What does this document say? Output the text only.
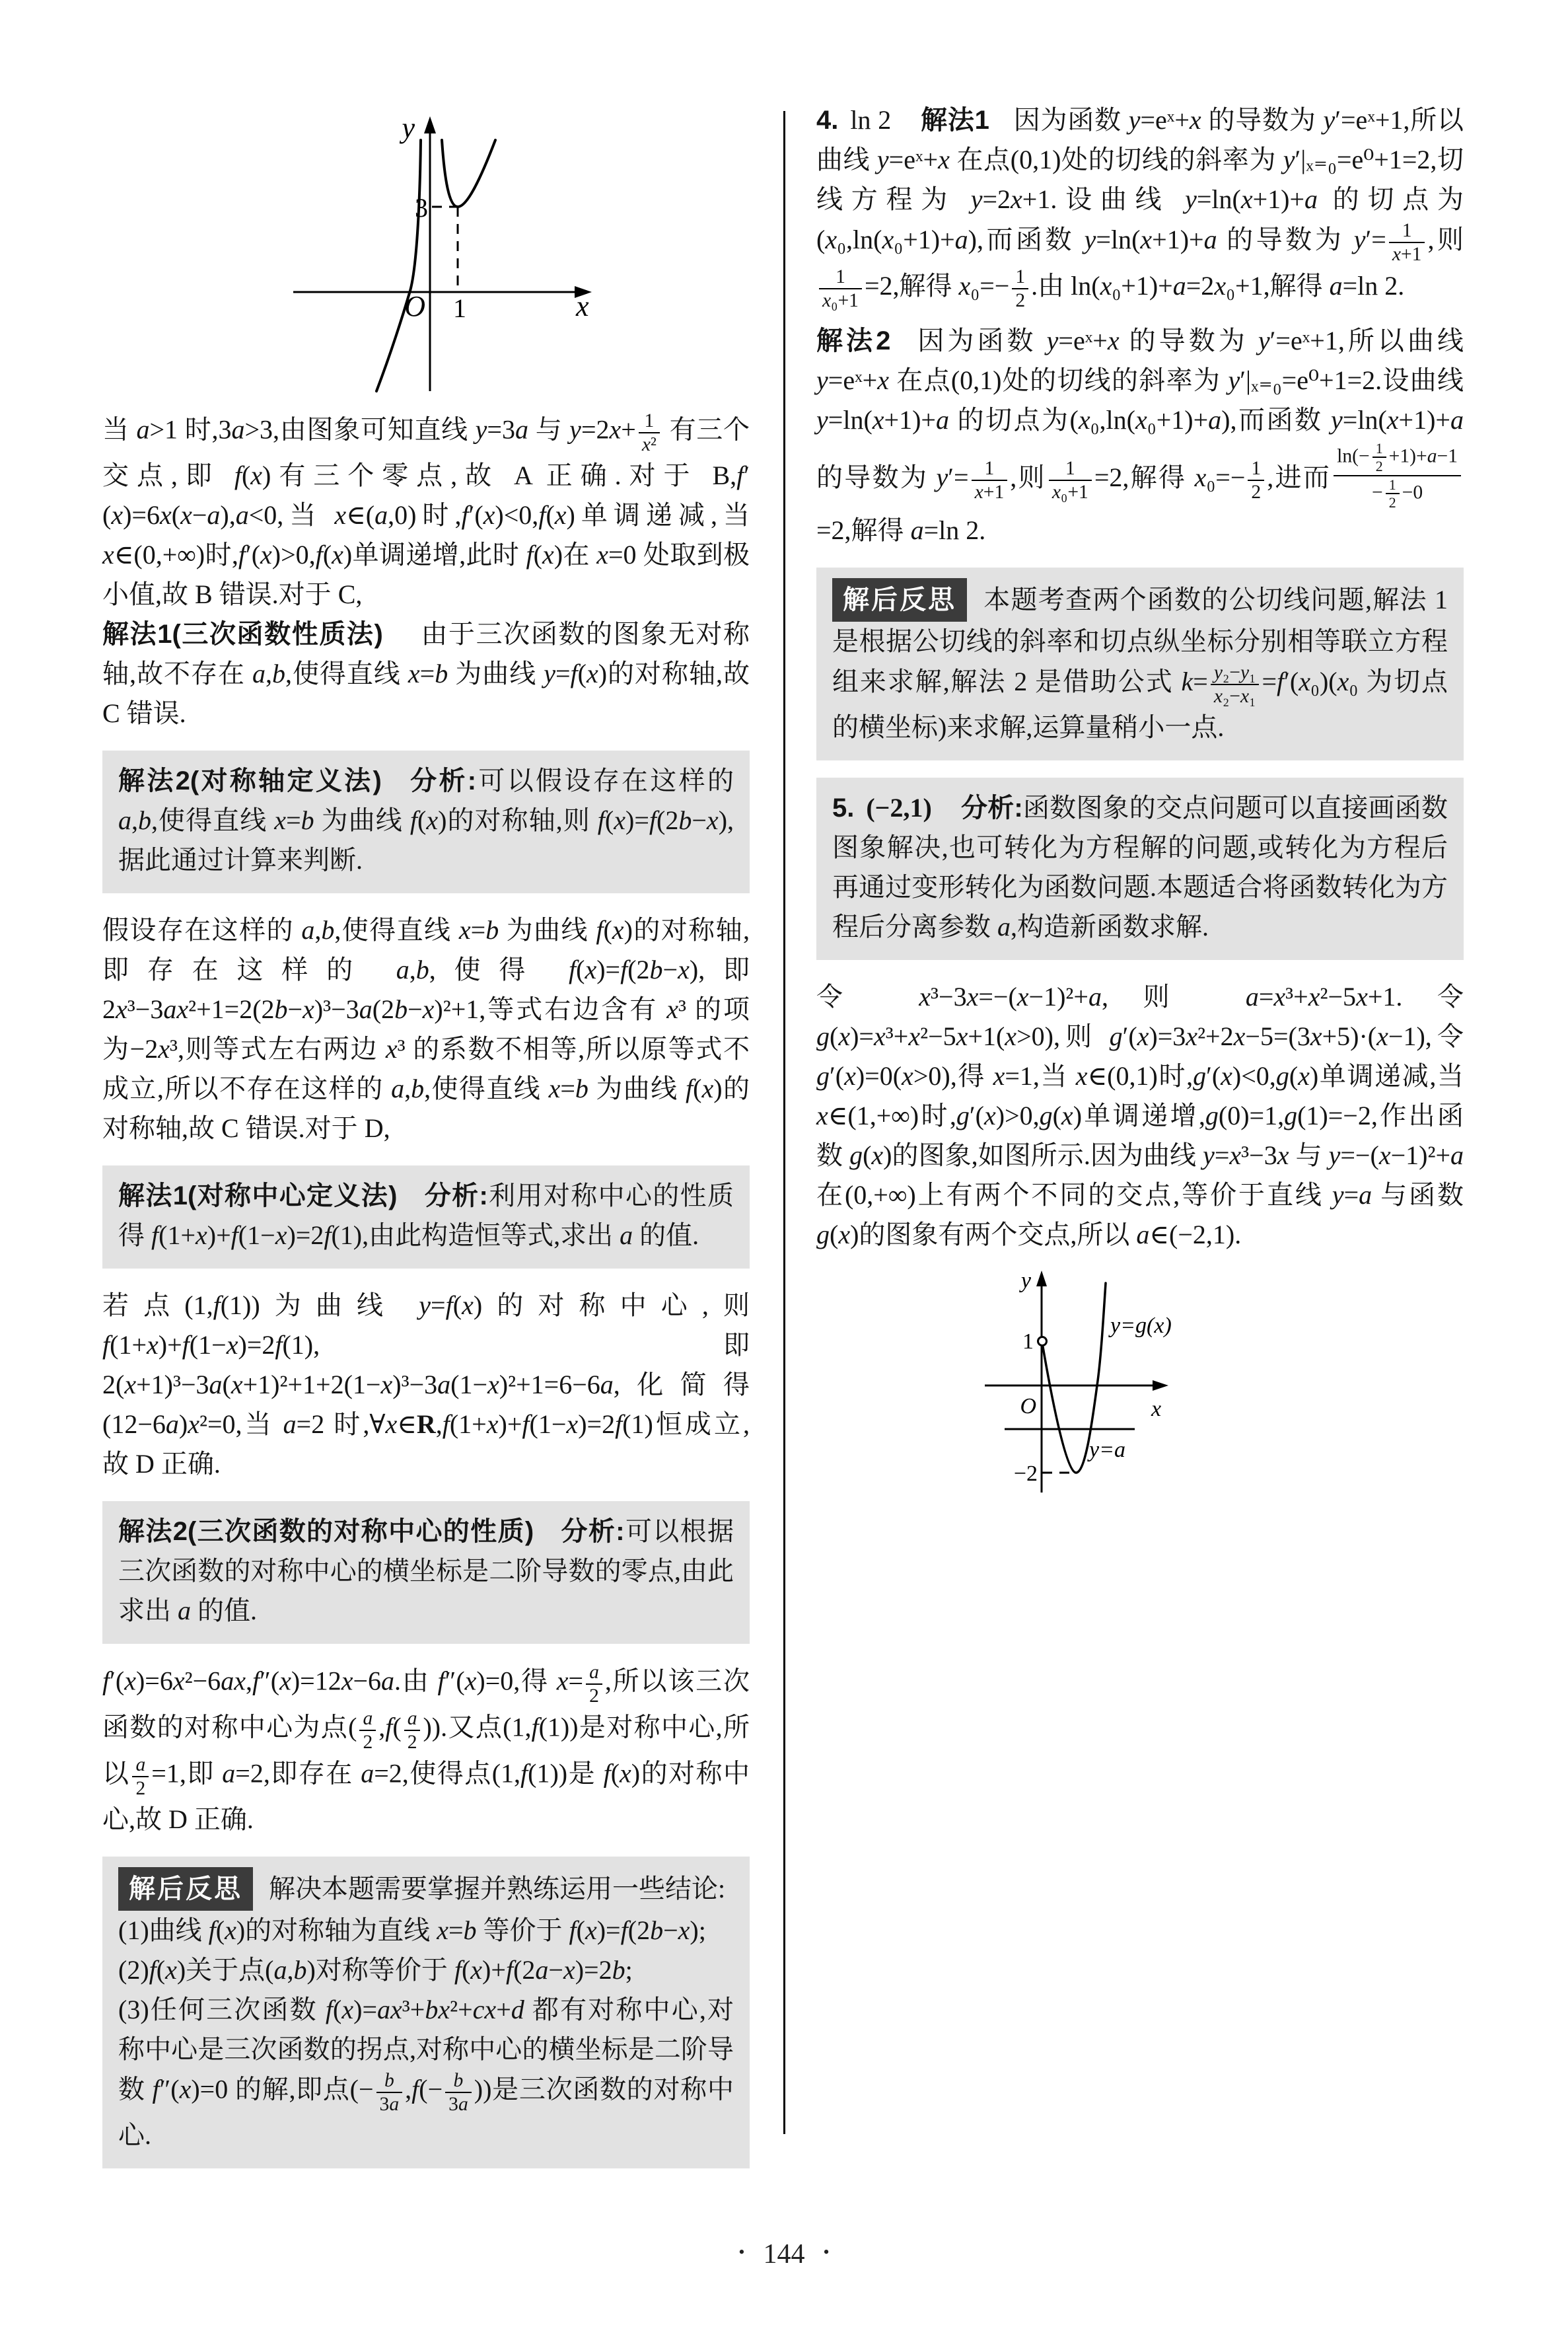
y
x
O
3
1

当 a>1 时,3a>3,由图象可知直线 y=3a 与 $y=2x+ \frac{1}{\text{x²}}$ 有三个交点,即 f(x)有三个零点,故 A 正确.对于 B,f′(x)=6x(x−a),a<0,当 x∈(a,0)时,f′(x)<0,f(x)单调递减,当 x∈(0,+∞)时,f′(x)>0,f(x)单调递增,此时 f(x)在 x=0 处取到极小值,故 B 错误.对于 C,

解法1(三次函数性质法) 由于三次函数的图象无对称轴,故不存在 a,b,使得直线 x=b 为曲线 y=f(x)的对称轴,故 C 错误.

解法2(对称轴定义法) 分析:可以假设存在这样的 a,b,使得直线 x=b 为曲线 f(x)的对称轴,则 f(x)=f(2b−x),据此通过计算来判断.

假设存在这样的 a,b,使得直线 x=b 为曲线 f(x)的对称轴,即存在这样的 a,b,使得 f(x)=f(2b−x),即 2x³−3ax²+1=2(2b−x)³−3a(2b−x)²+1,等式右边含有 x³ 的项为−2x³,则等式左右两边 x³ 的系数不相等,所以原等式不成立,所以不存在这样的 a,b,使得直线 x=b 为曲线 f(x)的对称轴,故 C 错误.对于 D,

解法1(对称中心定义法) 分析:利用对称中心的性质得 f(1+x)+f(1−x)=2f(1),由此构造恒等式,求出 a 的值.

若点(1,f(1))为曲线 y=f(x)的对称中心,则 f(1+x)+f(1−x)=2f(1),即 2(x+1)³−3a(x+1)²+1+2(1−x)³−3a(1−x)²+1=6−6a,化简得(12−6a)x²=0,当 a=2 时,∀x∈R,f(1+x)+f(1−x)=2f(1)恒成立,故 D 正确.

解法2(三次函数的对称中心的性质) 分析:可以根据三次函数的对称中心的横坐标是二阶导数的零点,由此求出 a 的值.

f′(x)=6x²−6ax,f″(x)=12x−6a.由 f″(x)=0,得 $x= \frac{a}{2}$ ,所以该三次函数的对称中心为点( $\frac{a}{2} ,f( \frac{a}{2}$ )).又点(1,f(1))是对称中心,所以 $\frac{a}{2} =1$,即 a=2,即存在 a=2,使得点(1,f(1))是 f(x)的对称中心,故 D 正确.

解后反思 解决本题需要掌握并熟练运用一些结论:

(1)曲线 f(x)的对称轴为直线 x=b 等价于 f(x)=f(2b−x);

(2)f(x)关于点(a,b)对称等价于 f(x)+f(2a−x)=2b;

(3)任何三次函数 f(x)=ax³+bx²+cx+d 都有对称中心,对称中心是三次函数的拐点,对称中心的横坐标是二阶导数 f″(x)=0 的解,即点(− $\frac{b}{3a} ,f(- \frac{b}{3a}$ ))是三次函数的对称中心.

4. ln 2 解法1 因为函数 y=eˣ+x 的导数为 y′=eˣ+1,所以曲线 y=eˣ+x 在点(0,1)处的切线的斜率为 y′|ₓ₌₀=e⁰+1=2,切线方程为 y=2x+1.设曲线 y=ln(x+1)+a 的切点为(x₀,ln(x₀+1)+a),而函数 y=ln(x+1)+a 的导数为 $y'= \frac{1}{x+1}$ ,则
$\frac{1}{\text{x₀+1}} =2$,解得 $x_0=- \frac{1}{2}$ .由 ln(x₀+1)+a=2x₀+1,解得 a=ln 2.

解法2 因为函数 y=eˣ+x 的导数为 y′=eˣ+1,所以曲线 y=eˣ+x 在点(0,1)处的切线的斜率为 y′|ₓ₌₀=e⁰+1=2.设曲线 y=ln(x+1)+a 的切点为(x₀,ln(x₀+1)+a),而函数 y=ln(x+1)+a 的导数为 $y'= \frac{1}{x+1}$ ,则 $\frac{1}{\text{x₀+1}} =2$,解得 $x_0=- \frac{1}{2}$ ,进而 $\frac{\ln(- \frac{1}{2} +1)+a-1}{- \frac{1}{2} -0}$
=2,解得 a=ln 2.

解后反思 本题考查两个函数的公切线问题,解法 1 是根据公切线的斜率和切点纵坐标分别相等联立方程组来求解,解法 2 是借助公式 $k= \frac{\text{y₂−y₁}}{\text{x₂−x₁}} =f'(x_0)(x_0$ 为切点的横坐标)来求解,运算量稍小一点.
5. (−2,1) 分析:函数图象的交点问题可以直接画函数图象解决,也可转化为方程解的问题,或转化为方程后再通过变形转化为函数问题.本题适合将函数转化为方程后分离参数 a,构造新函数求解.

令 x³−3x=−(x−1)²+a,则 a=x³+x²−5x+1.令 g(x)=x³+x²−5x+1(x>0),则 g′(x)=3x²+2x−5=(3x+5)·(x−1),令 g′(x)=0(x>0),得 x=1,当 x∈(0,1)时,g′(x)<0,g(x)单调递减,当 x∈(1,+∞)时,g′(x)>0,g(x)单调递增,g(0)=1,g(1)=−2,作出函数 g(x)的图象,如图所示.因为曲线 y=x³−3x 与 y=−(x−1)²+a 在(0,+∞)上有两个不同的交点,等价于直线 y=a 与函数 g(x)的图象有两个交点,所以 a∈(−2,1).

y
x
O
1
−2
y=g(x)
y=a
• 144 •
